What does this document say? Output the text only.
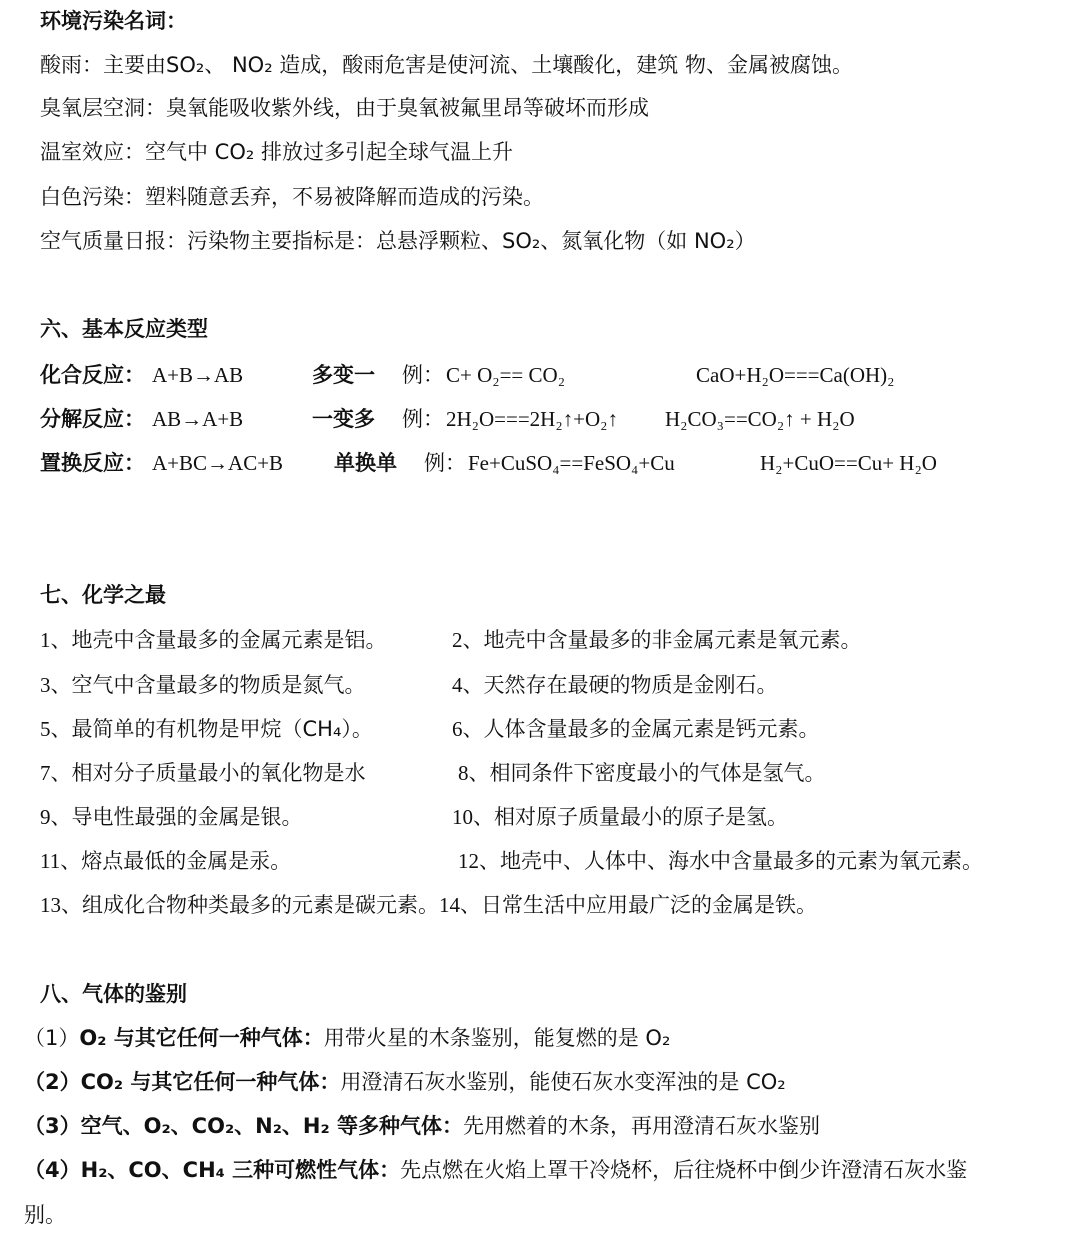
环境污染名词：
酸雨：主要由SO₂、 NO₂ 造成，酸雨危害是使河流、土壤酸化，建筑 物、金属被腐蚀。
臭氧层空洞：臭氧能吸收紫外线，由于臭氧被氟里昂等破坏而形成
温室效应：空气中 CO₂ 排放过多引起全球气温上升
白色污染：塑料随意丢弃，不易被降解而造成的污染。
空气质量日报：污染物主要指标是：总悬浮颗粒、SO₂、氮氧化物（如 NO₂）
六、基本反应类型
化合反应： A+B→AB	多变一 例： C+ O₂== CO₂	CaO+H₂O===Ca(OH)₂
分解反应： AB→A+B	一变多 例： 2H₂O===2H₂↑+O₂↑ H₂CO₃==CO₂↑ + H₂O
置换反应： A+BC→AC+B 单换单 例： Fe+CuSO₄==FeSO₄+Cu	H₂+CuO==Cu+ H₂O
七、化学之最
1、地壳中含量最多的金属元素是铝。	2、地壳中含量最多的非金属元素是氧元素。
3、空气中含量最多的物质是氮气。	4、天然存在最硬的物质是金刚石。
5、最简单的有机物是甲烷（CH₄）。	6、人体含量最多的金属元素是钙元素。
7、相对分子质量最小的氧化物是水	8、相同条件下密度最小的气体是氢气。
9、导电性最强的金属是银。	10、相对原子质量最小的原子是氢。
11、熔点最低的金属是汞。	12、地壳中、人体中、海水中含量最多的元素为氧元素。
13、组成化合物种类最多的元素是碳元素。14、日常生活中应用最广泛的金属是铁。
八、气体的鉴别
（1）O₂ 与其它任何一种气体：用带火星的木条鉴别，能复燃的是 O₂
（2）CO₂ 与其它任何一种气体：用澄清石灰水鉴别，能使石灰水变浑浊的是 CO₂
（3）空气、O₂、CO₂、N₂、H₂ 等多种气体：先用燃着的木条，再用澄清石灰水鉴别
（4）H₂、CO、CH₄ 三种可燃性气体：先点燃在火焰上罩干冷烧杯，后往烧杯中倒少许澄清石灰水鉴
别。
